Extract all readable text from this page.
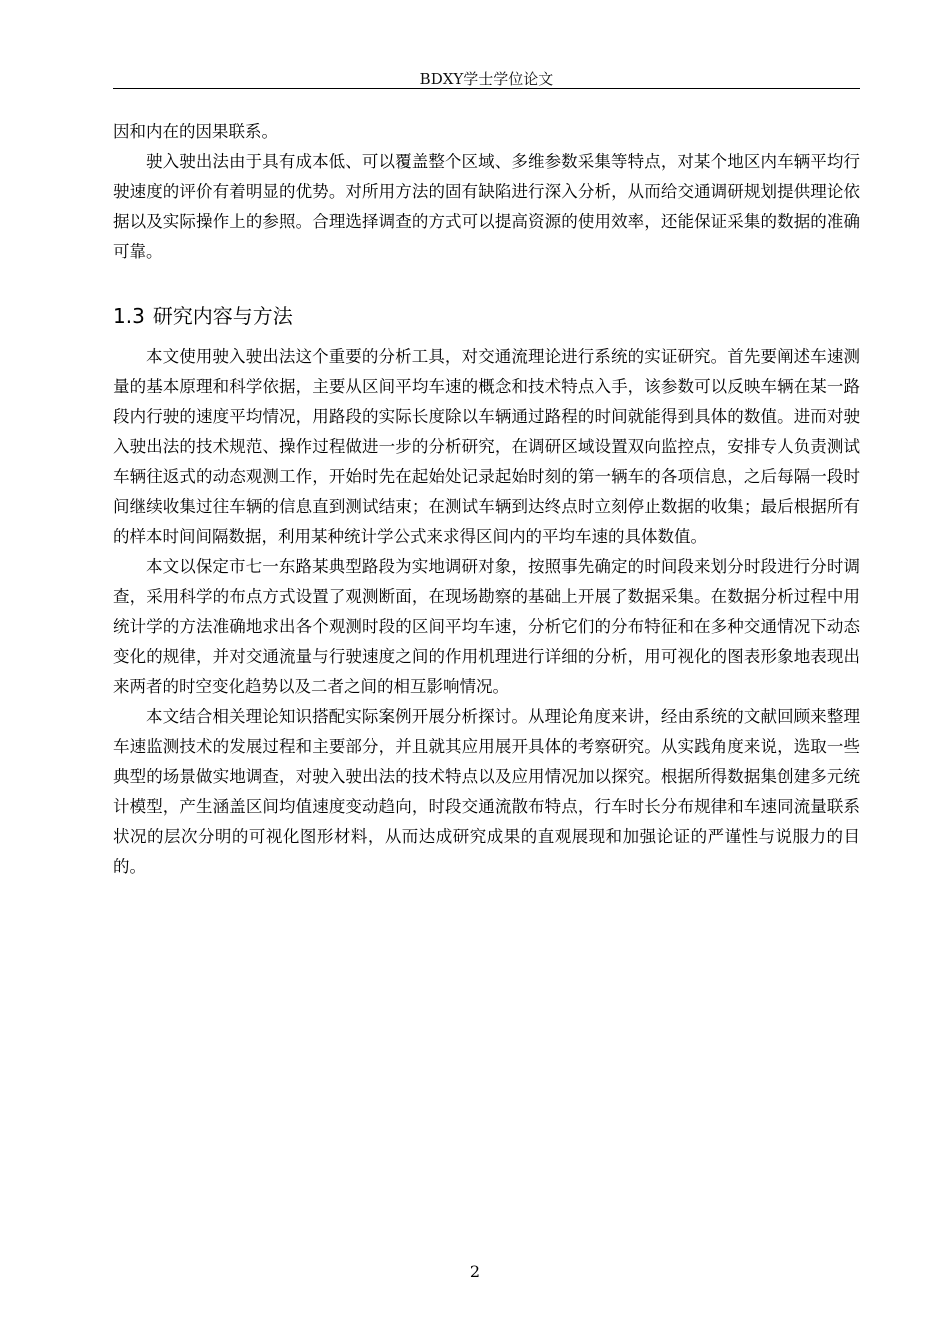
BDXY学士学位论文

因和内在的因果联系。

驶入驶出法由于具有成本低、可以覆盖整个区域、多维参数采集等特点，对某个地区内车辆平均行驶速度的评价有着明显的优势。对所用方法的固有缺陷进行深入分析，从而给交通调研规划提供理论依据以及实际操作上的参照。合理选择调查的方式可以提高资源的使用效率，还能保证采集的数据的准确可靠。

1.3 研究内容与方法

本文使用驶入驶出法这个重要的分析工具，对交通流理论进行系统的实证研究。首先要阐述车速测量的基本原理和科学依据，主要从区间平均车速的概念和技术特点入手，该参数可以反映车辆在某一路段内行驶的速度平均情况，用路段的实际长度除以车辆通过路程的时间就能得到具体的数值。进而对驶入驶出法的技术规范、操作过程做进一步的分析研究，在调研区域设置双向监控点，安排专人负责测试车辆往返式的动态观测工作，开始时先在起始处记录起始时刻的第一辆车的各项信息，之后每隔一段时间继续收集过往车辆的信息直到测试结束；在测试车辆到达终点时立刻停止数据的收集；最后根据所有的样本时间间隔数据，利用某种统计学公式来求得区间内的平均车速的具体数值。

本文以保定市七一东路某典型路段为实地调研对象，按照事先确定的时间段来划分时段进行分时调查，采用科学的布点方式设置了观测断面，在现场勘察的基础上开展了数据采集。在数据分析过程中用统计学的方法准确地求出各个观测时段的区间平均车速，分析它们的分布特征和在多种交通情况下动态变化的规律，并对交通流量与行驶速度之间的作用机理进行详细的分析，用可视化的图表形象地表现出来两者的时空变化趋势以及二者之间的相互影响情况。

本文结合相关理论知识搭配实际案例开展分析探讨。从理论角度来讲，经由系统的文献回顾来整理车速监测技术的发展过程和主要部分，并且就其应用展开具体的考察研究。从实践角度来说，选取一些典型的场景做实地调查，对驶入驶出法的技术特点以及应用情况加以探究。根据所得数据集创建多元统计模型，产生涵盖区间均值速度变动趋向，时段交通流散布特点，行车时长分布规律和车速同流量联系状况的层次分明的可视化图形材料，从而达成研究成果的直观展现和加强论证的严谨性与说服力的目的。

2
